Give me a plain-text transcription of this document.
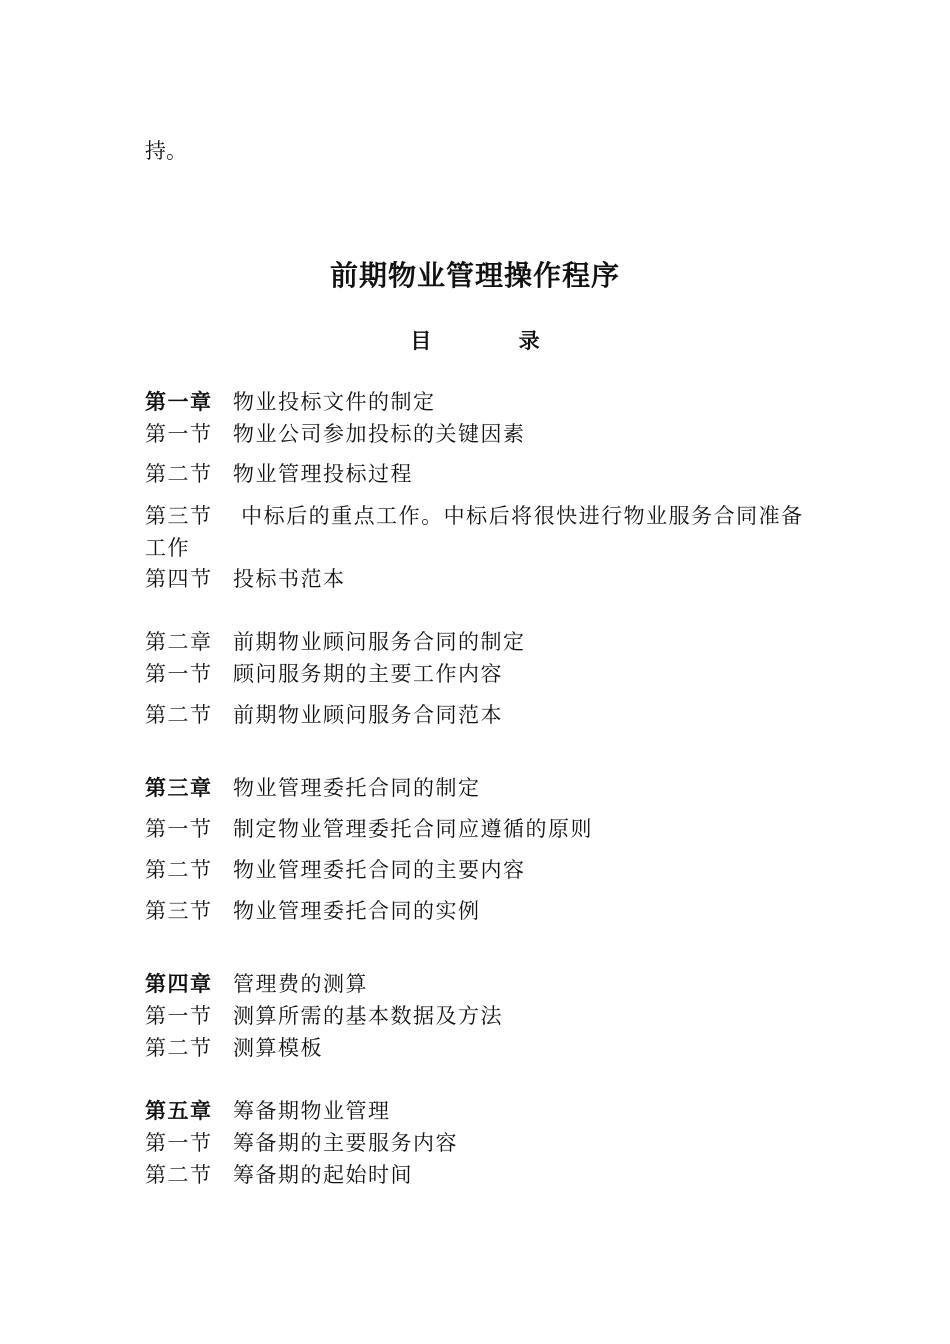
持。
前期物业管理操作程序
目 录
第一章 物业投标文件的制定
第一节 物业公司参加投标的关键因素
第二节 物业管理投标过程
第三节 中标后的重点工作。中标后将很快进行物业服务合同准备
工作
第四节 投标书范本
第二章 前期物业顾问服务合同的制定
第一节 顾问服务期的主要工作内容
第二节 前期物业顾问服务合同范本
第三章 物业管理委托合同的制定
第一节 制定物业管理委托合同应遵循的原则
第二节 物业管理委托合同的主要内容
第三节 物业管理委托合同的实例
第四章 管理费的测算
第一节 测算所需的基本数据及方法
第二节 测算模板
第五章 筹备期物业管理
第一节 筹备期的主要服务内容
第二节 筹备期的起始时间
